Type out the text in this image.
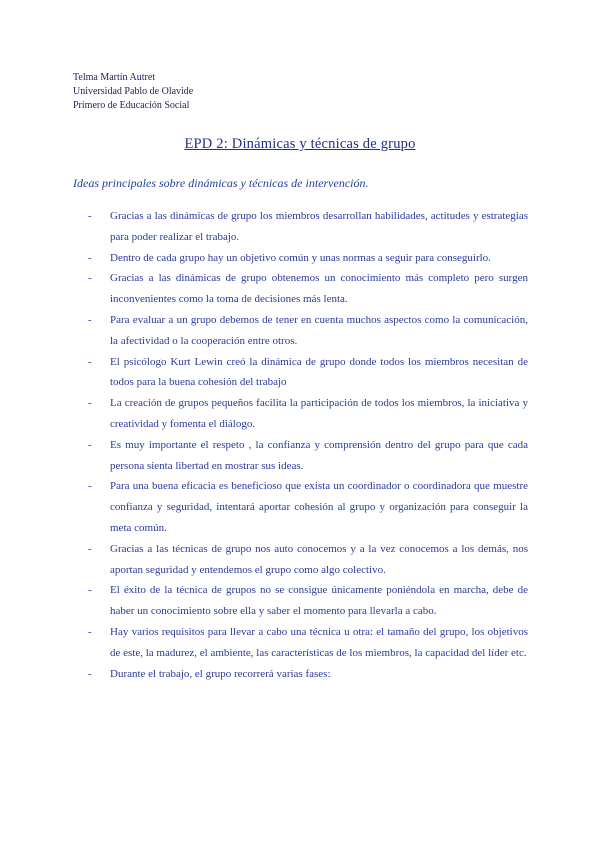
Telma Martín Autret
Universidad Pablo de Olavide
Primero de Educación Social
EPD 2: Dinámicas y técnicas de grupo
Ideas principales sobre dinámicas y técnicas de intervención.
- Gracias a las dinámicas de grupo los miembros desarrollan habilidades, actitudes y estrategias para poder realizar el trabajo.
- Dentro de cada grupo hay un objetivo común y unas normas a seguir para conseguirlo.
- Gracias a las dinámicas de grupo obtenemos un conocimiento más completo pero surgen inconvenientes como la toma de decisiones más lenta.
- Para evaluar a un grupo debemos de tener en cuenta muchos aspectos como la comunicación, la afectividad o la cooperación entre otros.
- El psicólogo Kurt Lewin creó la dinámica de grupo donde todos los miembros necesitan de todos para la buena cohesión del trabajo
- La creación de grupos pequeños facilita la participación de todos los miembros, la iniciativa y creatividad y fomenta el diálogo.
- Es muy importante el respeto , la confianza y comprensión dentro del grupo para que cada persona sienta libertad en mostrar sus ideas.
- Para una buena eficacia es beneficioso que exista un coordinador o coordinadora que muestre confianza y seguridad, intentará aportar cohesión al grupo y organización para conseguir la meta común.
- Gracias a las técnicas de grupo nos auto conocemos y a la vez conocemos a los demás, nos aportan seguridad y entendemos el grupo como algo colectivo.
- El éxito de la técnica de grupos no se consigue únicamente poniéndola en marcha, debe de haber un conocimiento sobre ella y saber el momento para llevarla a cabo.
- Hay varios requisitos para llevar a cabo una técnica u otra: el tamaño del grupo, los objetivos de este, la madurez, el ambiente, las características de los miembros, la capacidad del líder etc.
- Durante el trabajo, el grupo recorrerá varias fases:
